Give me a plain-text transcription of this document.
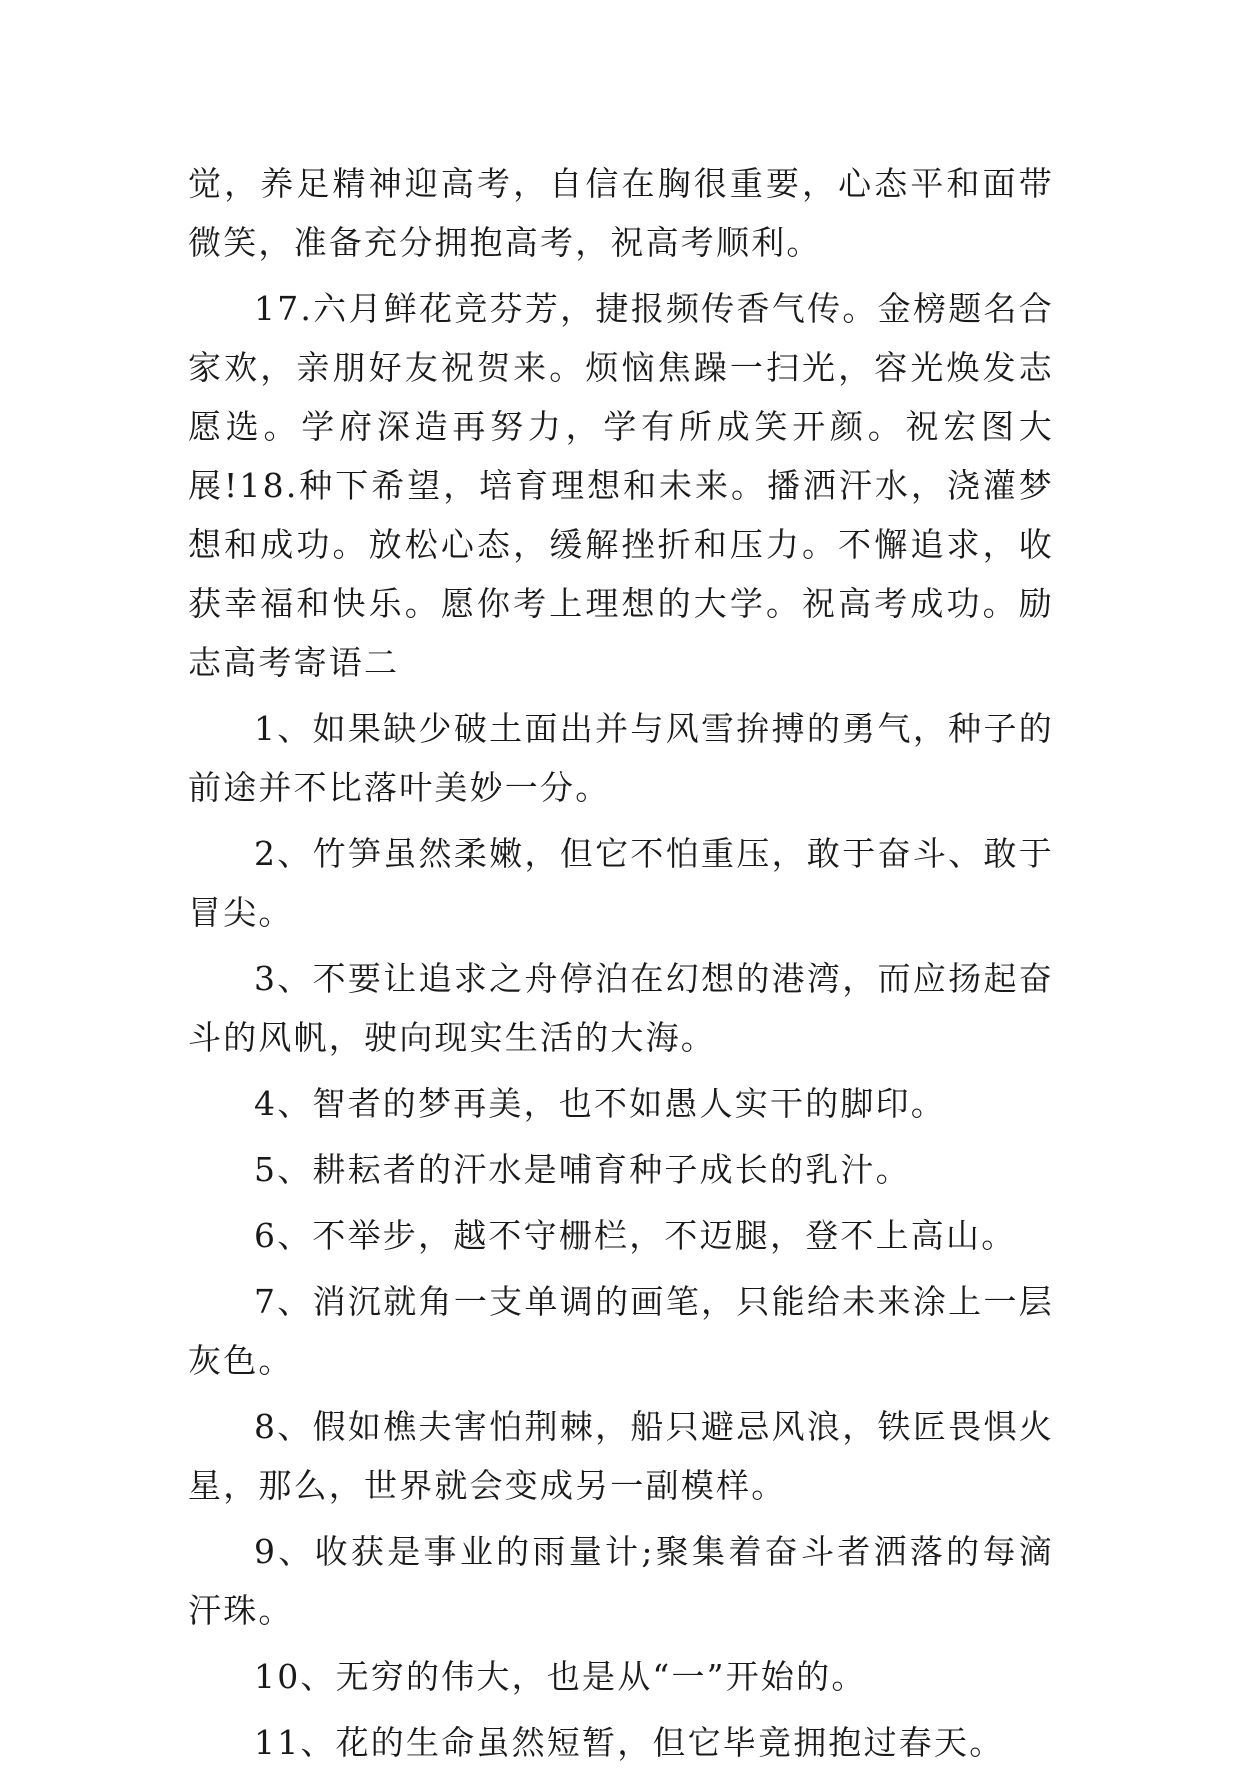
觉，养足精神迎高考，自信在胸很重要，心态平和面带微笑，准备充分拥抱高考，祝高考顺利。

17.六月鲜花竞芬芳，捷报频传香气传。金榜题名合家欢，亲朋好友祝贺来。烦恼焦躁一扫光，容光焕发志愿选。学府深造再努力，学有所成笑开颜。祝宏图大展!18.种下希望，培育理想和未来。播洒汗水，浇灌梦想和成功。放松心态，缓解挫折和压力。不懈追求，收获幸福和快乐。愿你考上理想的大学。祝高考成功。励志高考寄语二

1、如果缺少破土面出并与风雪拚搏的勇气，种子的前途并不比落叶美妙一分。

2、竹笋虽然柔嫩，但它不怕重压，敢于奋斗、敢于冒尖。

3、不要让追求之舟停泊在幻想的港湾，而应扬起奋斗的风帆，驶向现实生活的大海。

4、智者的梦再美，也不如愚人实干的脚印。

5、耕耘者的汗水是哺育种子成长的乳汁。

6、不举步，越不守栅栏，不迈腿，登不上高山。

7、消沉就角一支单调的画笔，只能给未来涂上一层灰色。

8、假如樵夫害怕荆棘，船只避忌风浪，铁匠畏惧火星，那么，世界就会变成另一副模样。

9、收获是事业的雨量计;聚集着奋斗者洒落的每滴汗珠。

10、无穷的伟大，也是从“一”开始的。

11、花的生命虽然短暂，但它毕竟拥抱过春天。
